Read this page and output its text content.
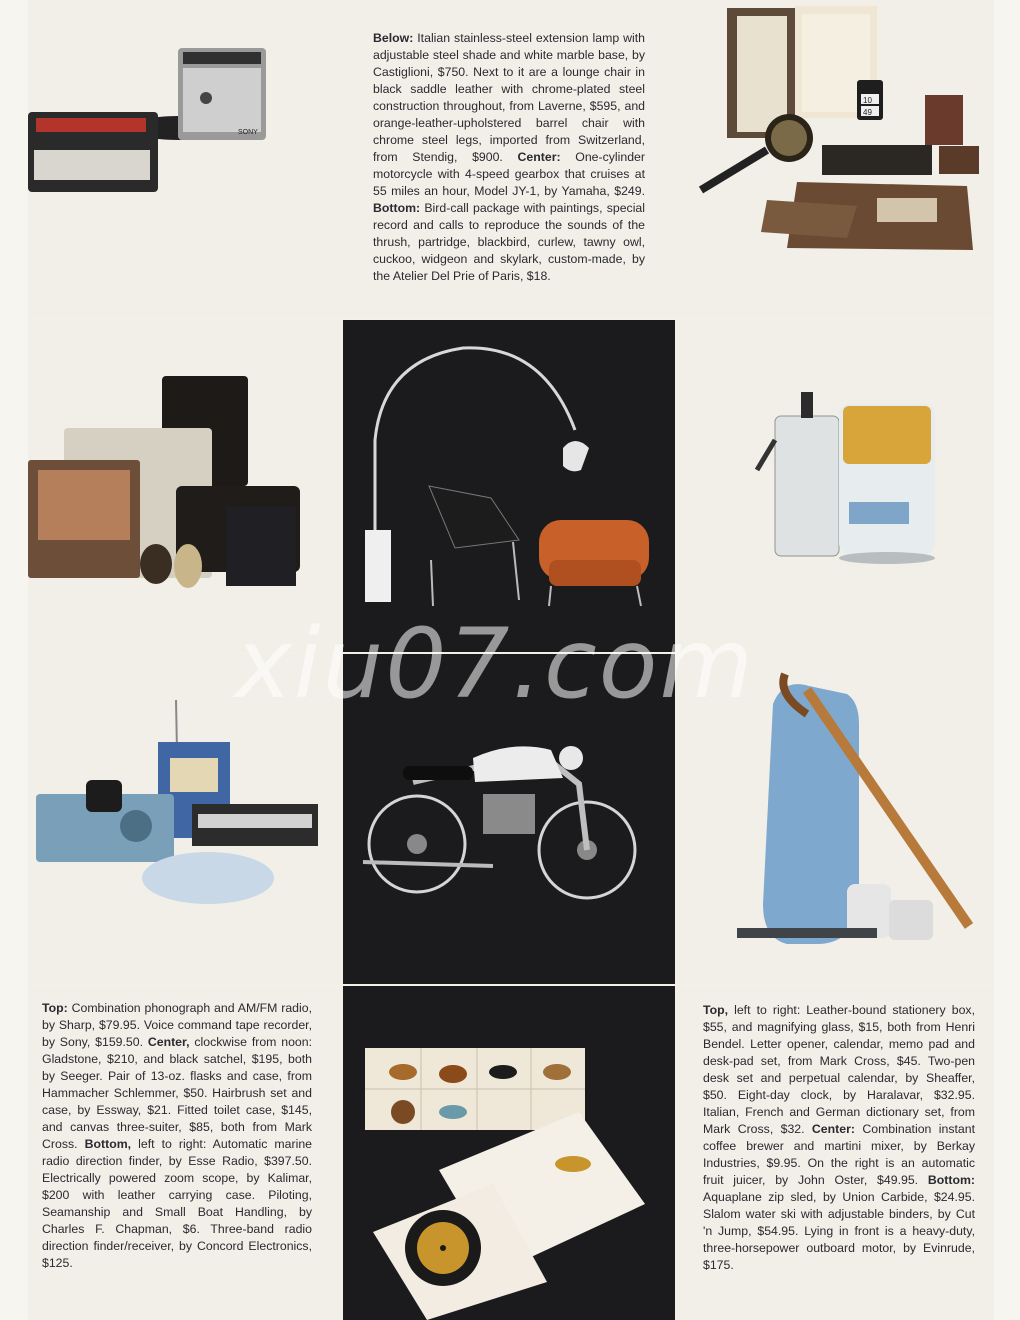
SONY
Below: Italian stainless-steel extension lamp with adjustable steel shade and white marble base, by Castiglioni, $750. Next to it are a lounge chair in black saddle leather with chrome-plated steel construction throughout, from Laverne, $595, and orange-leather-upholstered barrel chair with chrome steel legs, imported from Switzerland, from Stendig, $900. Center: One-cylinder motorcycle with 4-speed gearbox that cruises at 55 miles an hour, Model JY-1, by Yamaha, $249. Bottom: Bird-call package with paintings, special record and calls to reproduce the sounds of the thrush, partridge, blackbird, curlew, tawny owl, cuckoo, widgeon and skylark, custom-made, by the Atelier Del Prie of Paris, $18.
10
49
Top: Combination phonograph and AM/FM radio, by Sharp, $79.95. Voice command tape recorder, by Sony, $159.50. Center, clockwise from noon: Gladstone, $210, and black satchel, $195, both by Seeger. Pair of 13-oz. flasks and case, from Hammacher Schlemmer, $50. Hairbrush set and case, by Essway, $21. Fitted toilet case, $145, and canvas three-suiter, $85, both from Mark Cross. Bottom, left to right: Automatic marine radio direction finder, by Esse Radio, $397.50. Electrically powered zoom scope, by Kalimar, $200 with leather carrying case. Piloting, Seamanship and Small Boat Handling, by Charles F. Chapman, $6. Three-band radio direction finder/receiver, by Concord Electronics, $125.
Top, left to right: Leather-bound stationery box, $55, and magnifying glass, $15, both from Henri Bendel. Letter opener, calendar, memo pad and desk-pad set, from Mark Cross, $45. Two-pen desk set and perpetual calendar, by Sheaffer, $50. Eight-day clock, by Haralavar, $32.95. Italian, French and German dictionary set, from Mark Cross, $32. Center: Combination instant coffee brewer and martini mixer, by Berkay Industries, $9.95. On the right is an automatic fruit juicer, by John Oster, $49.95. Bottom: Aquaplane zip sled, by Union Carbide, $24.95. Slalom water ski with adjustable binders, by Cut 'n Jump, $54.95. Lying in front is a heavy-duty, three-horsepower outboard motor, by Evinrude, $175.
xiu07.com
